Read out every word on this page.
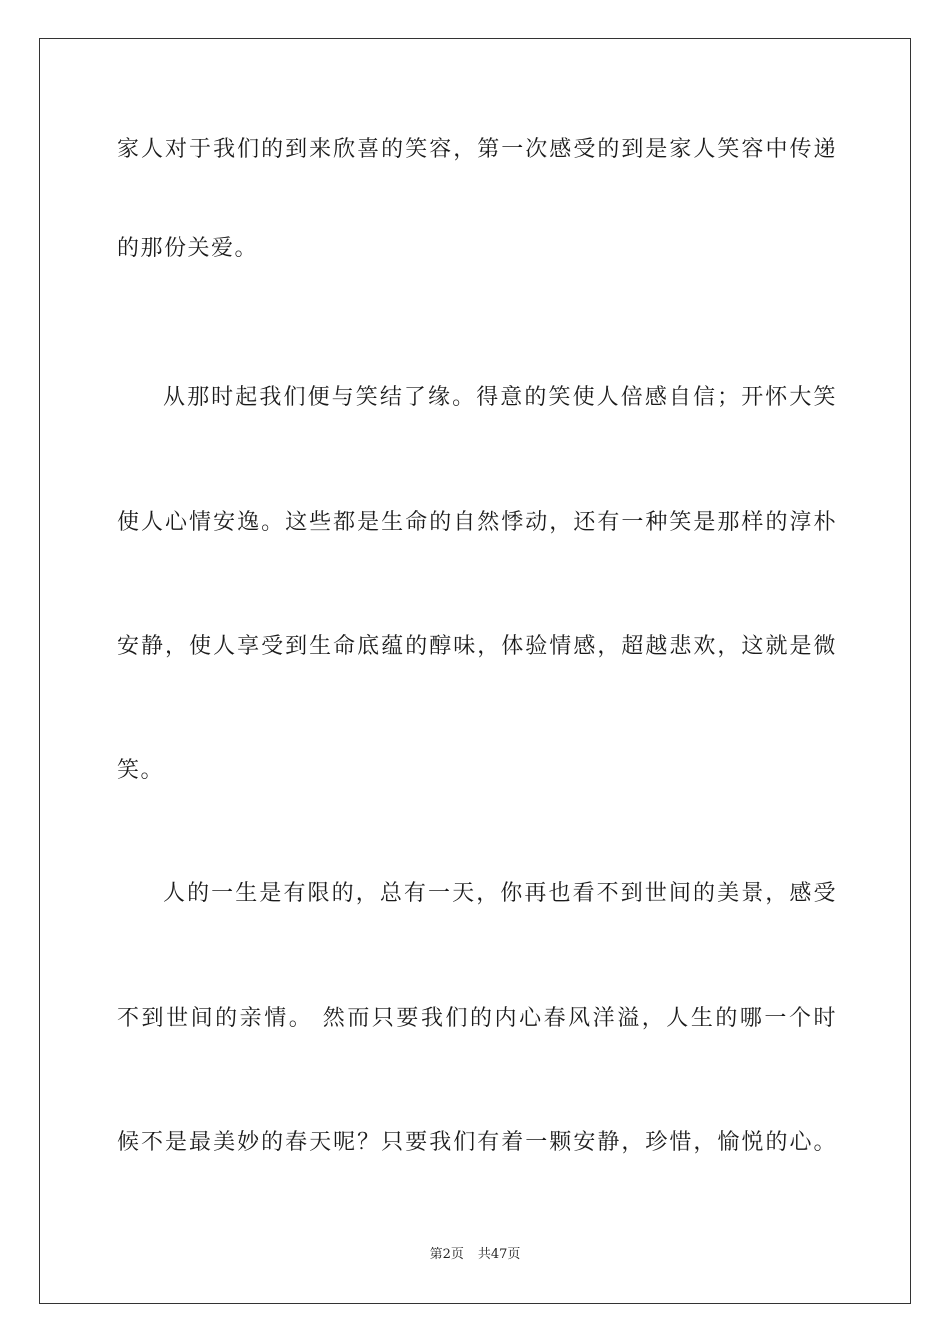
家人对于我们的到来欣喜的笑容，第一次感受的到是家人笑容中传递
的那份关爱。
从那时起我们便与笑结了缘。得意的笑使人倍感自信；开怀大笑
使人心情安逸。这些都是生命的自然悸动，还有一种笑是那样的淳朴
安静，使人享受到生命底蕴的醇味，体验情感，超越悲欢，这就是微
笑。
人的一生是有限的，总有一天，你再也看不到世间的美景，感受
不到世间的亲情。 然而只要我们的内心春风洋溢，人生的哪一个时
候不是最美妙的春天呢？只要我们有着一颗安静，珍惜，愉悦的心。
第2页 共47页
